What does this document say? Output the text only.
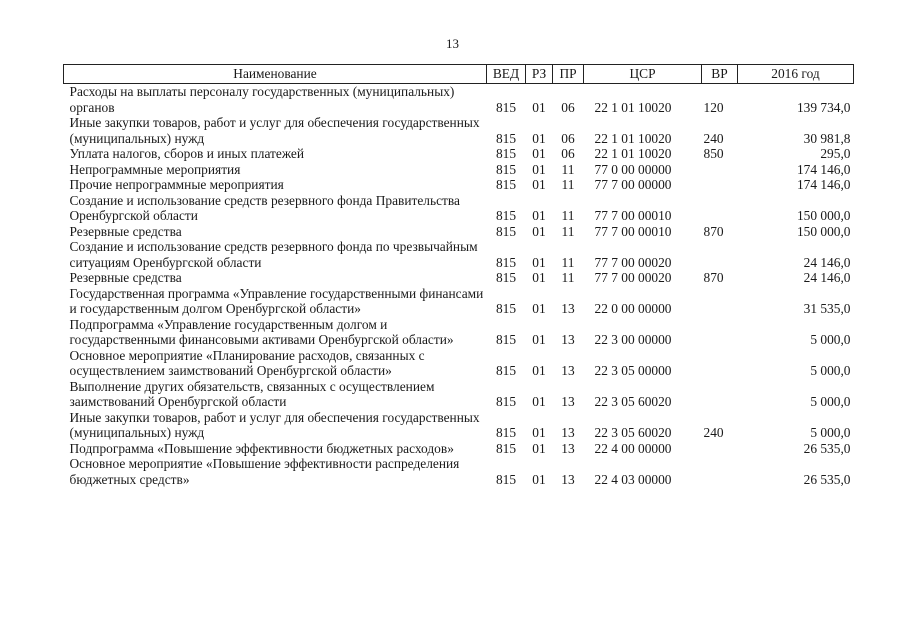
13
Наименование	ВЕД	РЗ	ПР	ЦСР	ВР	2016 год
Расходы на выплаты персоналу государственных (муниципальных) органов	815	01	06	22 1 01 10020	120	139 734,0
Иные закупки товаров, работ и услуг для обеспечения государственных (муниципальных) нужд	815	01	06	22 1 01 10020	240	30 981,8
Уплата налогов, сборов и иных платежей	815	01	06	22 1 01 10020	850	295,0
Непрограммные мероприятия	815	01	11	77 0 00 00000		174 146,0
Прочие непрограммные мероприятия	815	01	11	77 7 00 00000		174 146,0
Создание и использование средств резервного фонда Правительства Оренбургской области	815	01	11	77 7 00 00010		150 000,0
Резервные средства	815	01	11	77 7 00 00010	870	150 000,0
Создание и использование средств резервного фонда по чрезвычайным ситуациям Оренбургской области	815	01	11	77 7 00 00020		24 146,0
Резервные средства	815	01	11	77 7 00 00020	870	24 146,0
Государственная программа «Управление государственными финансами и государственным долгом Оренбургской области»	815	01	13	22 0 00 00000		31 535,0
Подпрограмма «Управление государственным долгом и государственными финансовыми активами Оренбургской области»	815	01	13	22 3 00 00000		5 000,0
Основное мероприятие «Планирование расходов, связанных с осуществлением заимствований Оренбургской области»	815	01	13	22 3 05 00000		5 000,0
Выполнение других обязательств, связанных с осуществлением заимствований Оренбургской области	815	01	13	22 3 05 60020		5 000,0
Иные закупки товаров, работ и услуг для обеспечения государственных (муниципальных) нужд	815	01	13	22 3 05 60020	240	5 000,0
Подпрограмма «Повышение эффективности бюджетных расходов»	815	01	13	22 4 00 00000		26 535,0
Основное мероприятие «Повышение эффективности распределения бюджетных средств»	815	01	13	22 4 03 00000		26 535,0
